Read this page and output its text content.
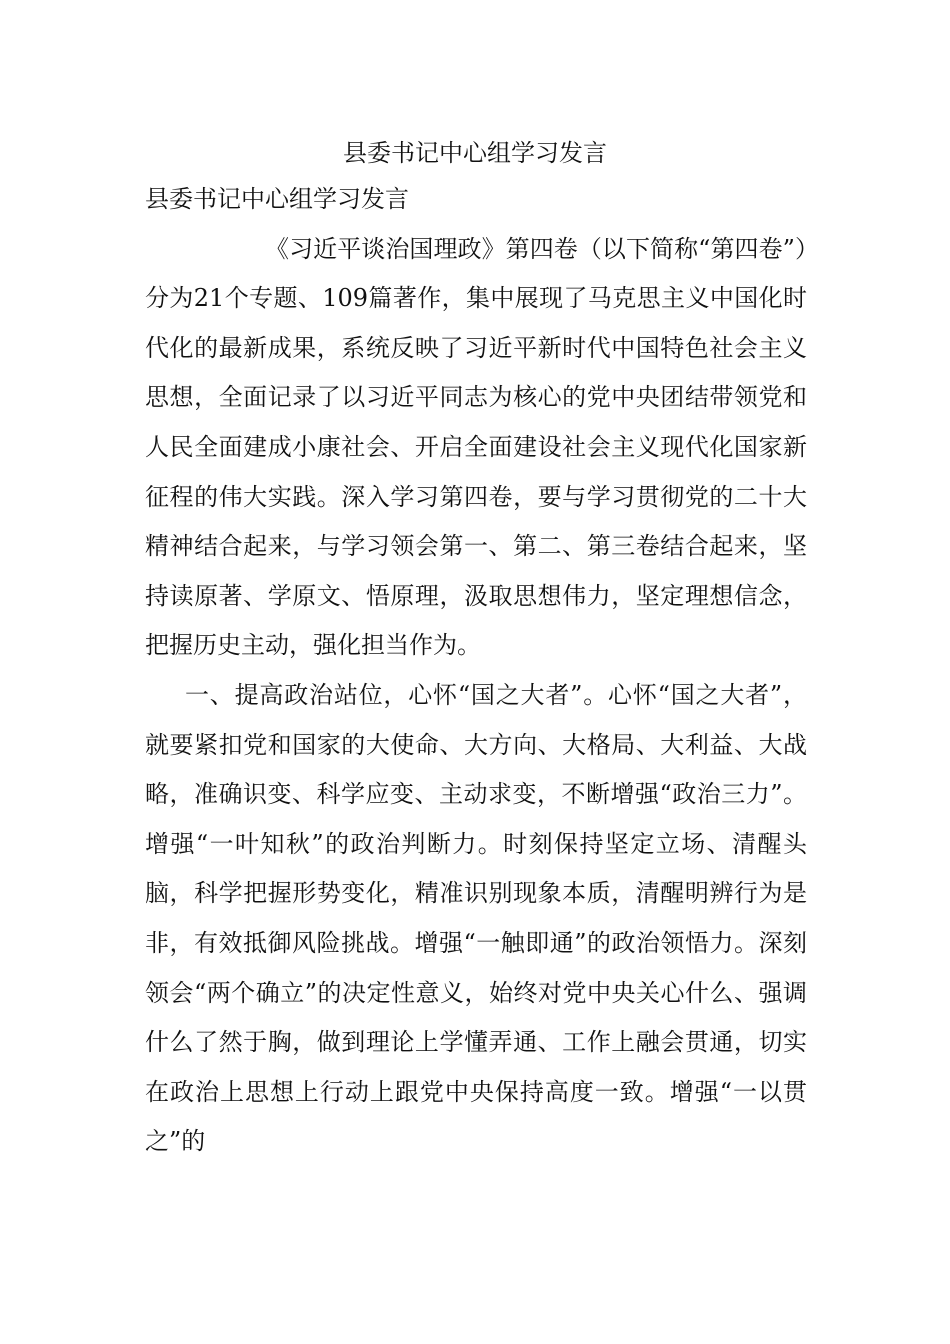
县委书记中心组学习发言

县委书记中心组学习发言

《习近平谈治国理政》第四卷（以下简称“第四卷”）分为21个专题、109篇著作，集中展现了马克思主义中国化时代化的最新成果，系统反映了习近平新时代中国特色社会主义思想，全面记录了以习近平同志为核心的党中央团结带领党和人民全面建成小康社会、开启全面建设社会主义现代化国家新征程的伟大实践。深入学习第四卷，要与学习贯彻党的二十大精神结合起来，与学习领会第一、第二、第三卷结合起来，坚持读原著、学原文、悟原理，汲取思想伟力，坚定理想信念，把握历史主动，强化担当作为。

一、提高政治站位，心怀“国之大者”。心怀“国之大者”，就要紧扣党和国家的大使命、大方向、大格局、大利益、大战略，准确识变、科学应变、主动求变，不断增强“政治三力”。增强“一叶知秋”的政治判断力。时刻保持坚定立场、清醒头脑，科学把握形势变化，精准识别现象本质，清醒明辨行为是非，有效抵御风险挑战。增强“一触即通”的政治领悟力。深刻领会“两个确立”的决定性意义，始终对党中央关心什么、强调什么了然于胸，做到理论上学懂弄通、工作上融会贯通，切实在政治上思想上行动上跟党中央保持高度一致。增强“一以贯之”的
